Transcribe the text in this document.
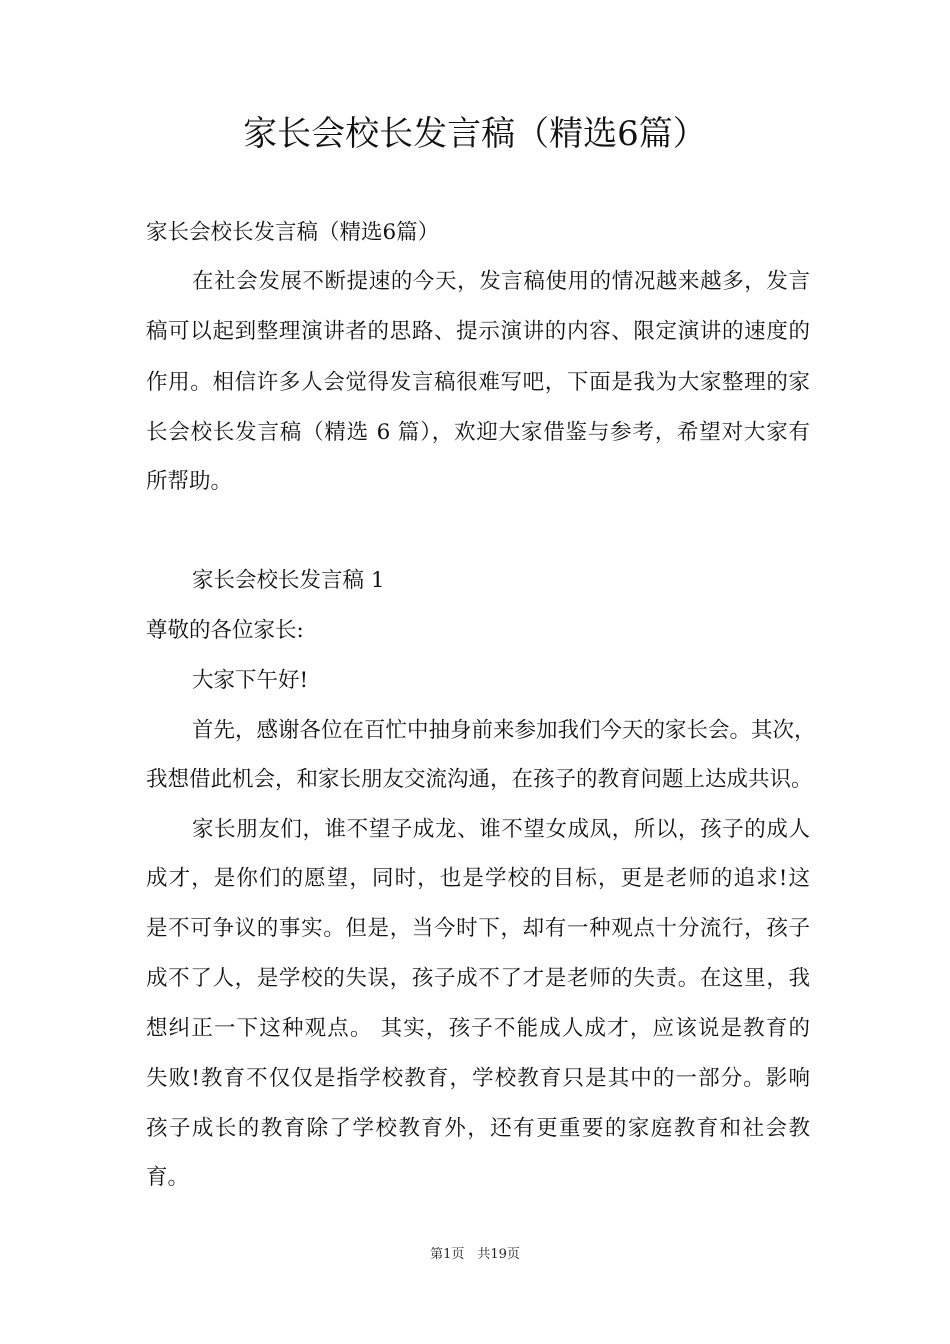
家长会校长发言稿（精选6篇）
家长会校长发言稿（精选6篇）
在社会发展不断提速的今天，发言稿使用的情况越来越多，发言
稿可以起到整理演讲者的思路、提示演讲的内容、限定演讲的速度的
作用。相信许多人会觉得发言稿很难写吧，下面是我为大家整理的家
长会校长发言稿（精选 6 篇），欢迎大家借鉴与参考，希望对大家有
所帮助。
家长会校长发言稿 1
尊敬的各位家长:
大家下午好!
首先，感谢各位在百忙中抽身前来参加我们今天的家长会。其次，
我想借此机会，和家长朋友交流沟通，在孩子的教育问题上达成共识。
家长朋友们，谁不望子成龙、谁不望女成凤，所以，孩子的成人
成才，是你们的愿望，同时，也是学校的目标，更是老师的追求!这
是不可争议的事实。但是，当今时下，却有一种观点十分流行，孩子
成不了人，是学校的失误，孩子成不了才是老师的失责。在这里，我
想纠正一下这种观点。 其实，孩子不能成人成才，应该说是教育的
失败!教育不仅仅是指学校教育，学校教育只是其中的一部分。影响
孩子成长的教育除了学校教育外，还有更重要的家庭教育和社会教
育。
第1页　共19页
